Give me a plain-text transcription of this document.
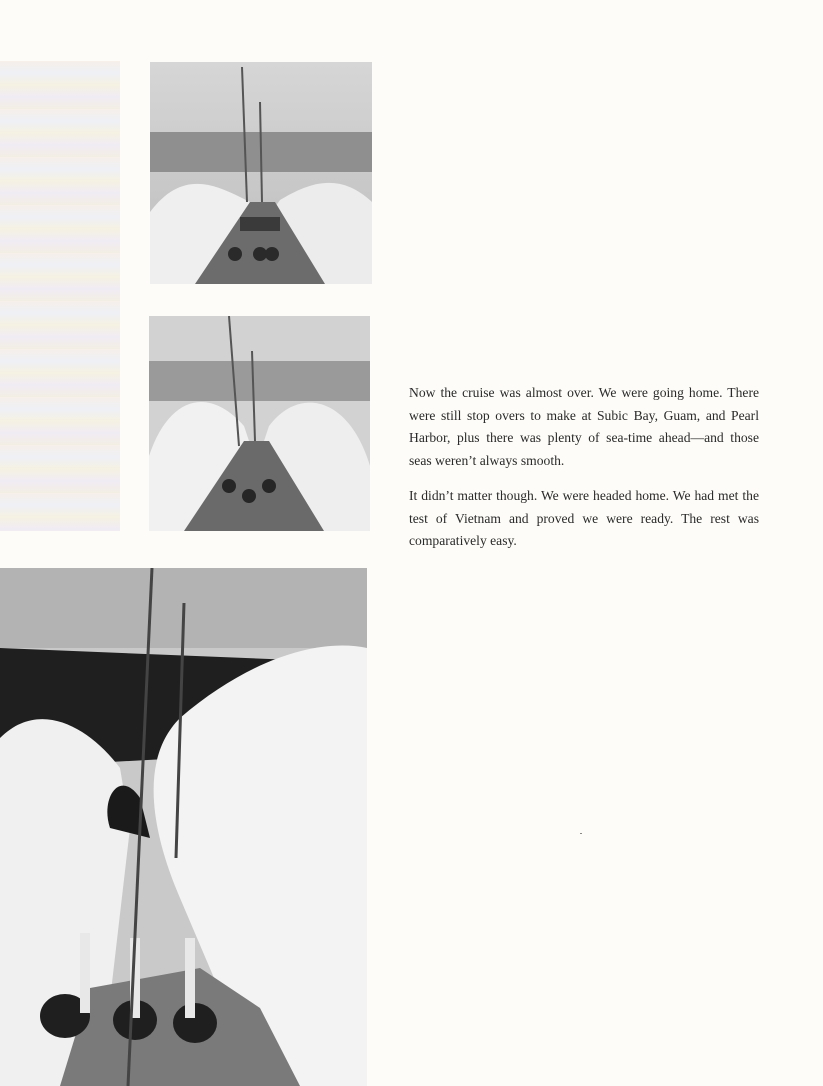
Now the cruise was almost over. We were going home. There were still stop overs to make at Subic Bay, Guam, and Pearl Harbor, plus there was plenty of sea-time ahead—and those seas weren’t always smooth.

It didn’t matter though. We were headed home. We had met the test of Vietnam and proved we were ready. The rest was comparatively easy.
